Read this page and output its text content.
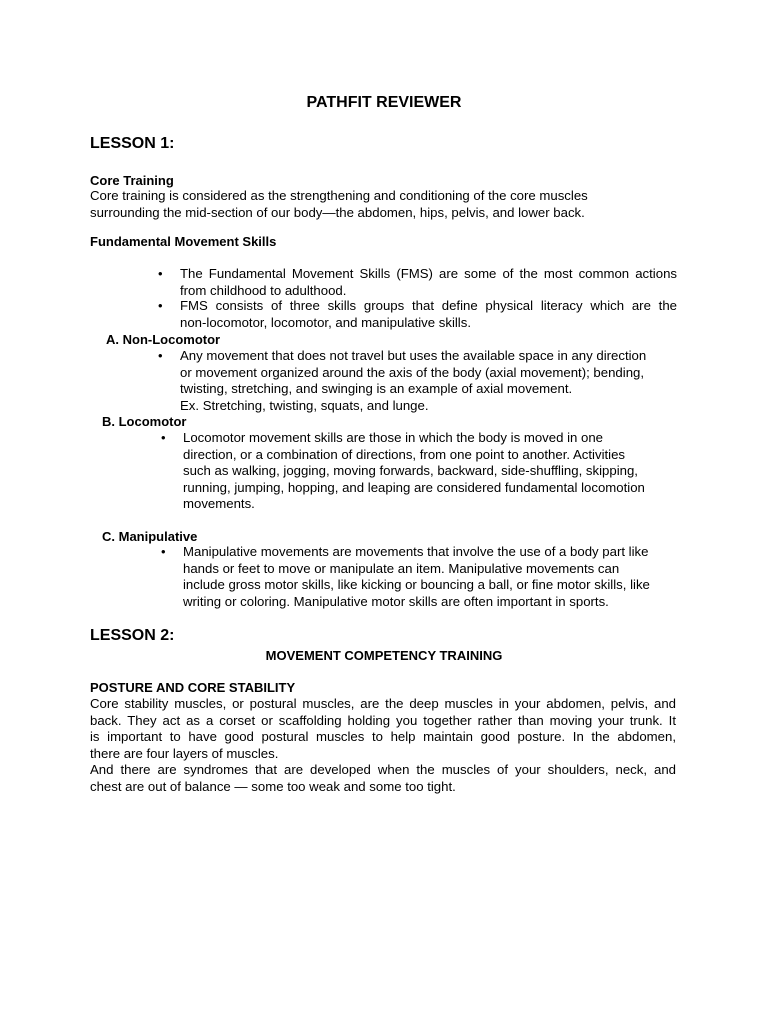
PATHFIT REVIEWER
LESSON 1:
Core Training
Core training is considered as the strengthening and conditioning of the core muscles
surrounding the mid-section of our body—the abdomen, hips, pelvis, and lower back.
Fundamental Movement Skills
• The Fundamental Movement Skills (FMS) are some of the most common actions
from childhood to adulthood.
• FMS consists of three skills groups that define physical literacy which are the
non-locomotor, locomotor, and manipulative skills.
A. Non-Locomotor
• Any movement that does not travel but uses the available space in any direction
or movement organized around the axis of the body (axial movement); bending,
twisting, stretching, and swinging is an example of axial movement.
Ex. Stretching, twisting, squats, and lunge.
B. Locomotor
• Locomotor movement skills are those in which the body is moved in one
direction, or a combination of directions, from one point to another. Activities
such as walking, jogging, moving forwards, backward, side-shuffling, skipping,
running, jumping, hopping, and leaping are considered fundamental locomotion
movements.
C. Manipulative
• Manipulative movements are movements that involve the use of a body part like
hands or feet to move or manipulate an item. Manipulative movements can
include gross motor skills, like kicking or bouncing a ball, or fine motor skills, like
writing or coloring. Manipulative motor skills are often important in sports.
LESSON 2:
MOVEMENT COMPETENCY TRAINING
POSTURE AND CORE STABILITY
Core stability muscles, or postural muscles, are the deep muscles in your abdomen, pelvis, and
back. They act as a corset or scaffolding holding you together rather than moving your trunk. It
is important to have good postural muscles to help maintain good posture. In the abdomen,
there are four layers of muscles.
And there are syndromes that are developed when the muscles of your shoulders, neck, and
chest are out of balance — some too weak and some too tight.
